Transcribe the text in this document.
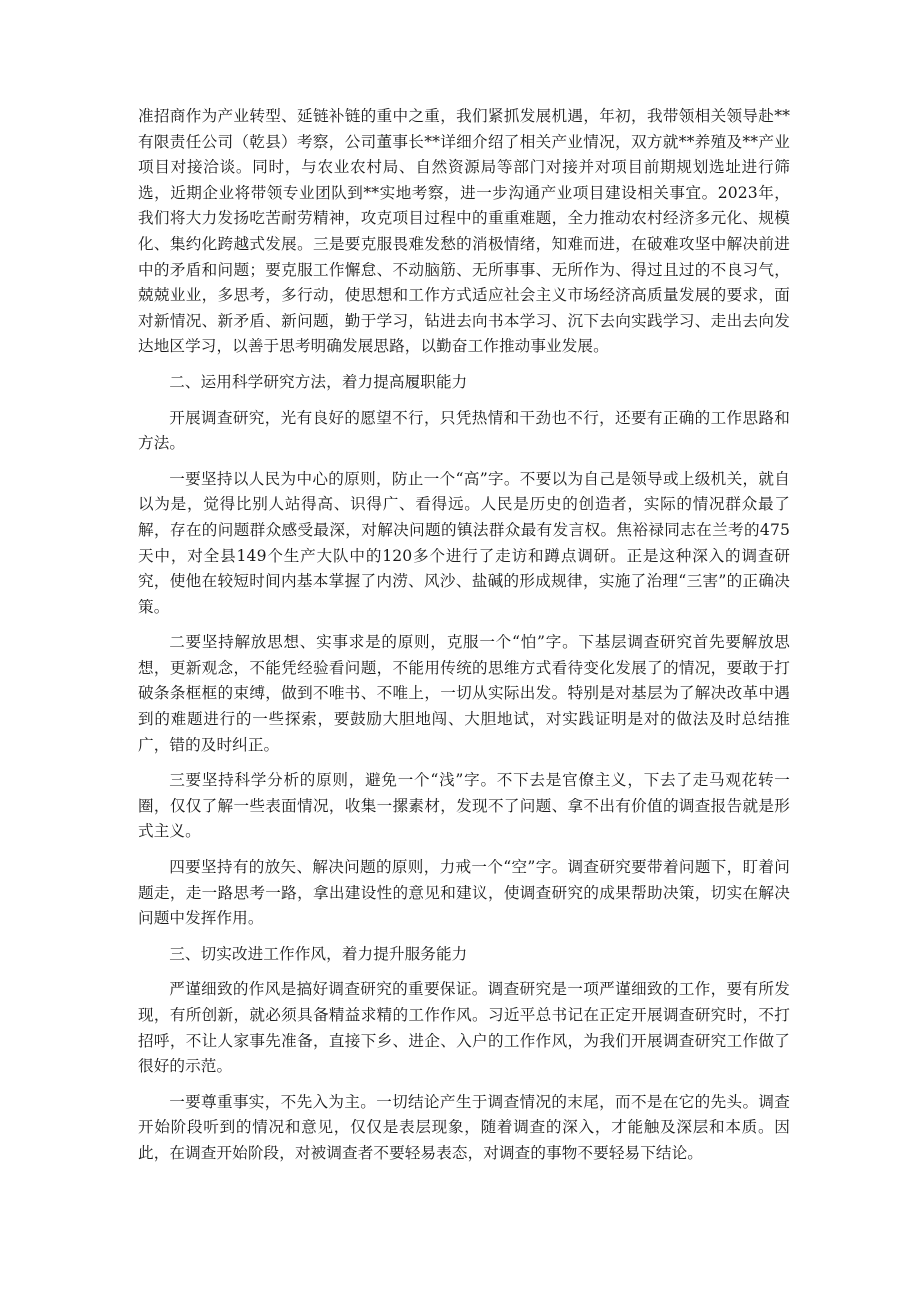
准招商作为产业转型、延链补链的重中之重，我们紧抓发展机遇，年初，我带领相关领导赴**有限责任公司（乾县）考察，公司董事长**详细介绍了相关产业情况，双方就**养殖及**产业项目对接洽谈。同时，与农业农村局、自然资源局等部门对接并对项目前期规划选址进行筛选，近期企业将带领专业团队到**实地考察，进一步沟通产业项目建设相关事宜。2023年，我们将大力发扬吃苦耐劳精神，攻克项目过程中的重重难题，全力推动农村经济多元化、规模化、集约化跨越式发展。三是要克服畏难发愁的消极情绪，知难而进，在破难攻坚中解决前进中的矛盾和问题；要克服工作懈怠、不动脑筋、无所事事、无所作为、得过且过的不良习气，兢兢业业，多思考，多行动，使思想和工作方式适应社会主义市场经济高质量发展的要求，面对新情况、新矛盾、新问题，勤于学习，钻进去向书本学习、沉下去向实践学习、走出去向发达地区学习，以善于思考明确发展思路，以勤奋工作推动事业发展。

二、运用科学研究方法，着力提高履职能力

开展调查研究，光有良好的愿望不行，只凭热情和干劲也不行，还要有正确的工作思路和方法。

一要坚持以人民为中心的原则，防止一个“高”字。不要以为自己是领导或上级机关，就自以为是，觉得比别人站得高、识得广、看得远。人民是历史的创造者，实际的情况群众最了解，存在的问题群众感受最深，对解决问题的镇法群众最有发言权。焦裕禄同志在兰考的475天中，对全县149个生产大队中的120多个进行了走访和蹲点调研。正是这种深入的调查研究，使他在较短时间内基本掌握了内涝、风沙、盐碱的形成规律，实施了治理“三害”的正确决策。

二要坚持解放思想、实事求是的原则，克服一个“怕”字。下基层调查研究首先要解放思想，更新观念，不能凭经验看问题，不能用传统的思维方式看待变化发展了的情况，要敢于打破条条框框的束缚，做到不唯书、不唯上，一切从实际出发。特别是对基层为了解决改革中遇到的难题进行的一些探索，要鼓励大胆地闯、大胆地试，对实践证明是对的做法及时总结推广，错的及时纠正。

三要坚持科学分析的原则，避免一个“浅”字。不下去是官僚主义，下去了走马观花转一圈，仅仅了解一些表面情况，收集一摞素材，发现不了问题、拿不出有价值的调查报告就是形式主义。

四要坚持有的放矢、解决问题的原则，力戒一个“空”字。调查研究要带着问题下，盯着问题走，走一路思考一路，拿出建设性的意见和建议，使调查研究的成果帮助决策，切实在解决问题中发挥作用。

三、切实改进工作作风，着力提升服务能力

严谨细致的作风是搞好调查研究的重要保证。调查研究是一项严谨细致的工作，要有所发现，有所创新，就必须具备精益求精的工作作风。习近平总书记在正定开展调查研究时，不打招呼，不让人家事先准备，直接下乡、进企、入户的工作作风，为我们开展调查研究工作做了很好的示范。

一要尊重事实，不先入为主。一切结论产生于调查情况的末尾，而不是在它的先头。调查开始阶段听到的情况和意见，仅仅是表层现象，随着调查的深入，才能触及深层和本质。因此，在调查开始阶段，对被调查者不要轻易表态，对调查的事物不要轻易下结论。
